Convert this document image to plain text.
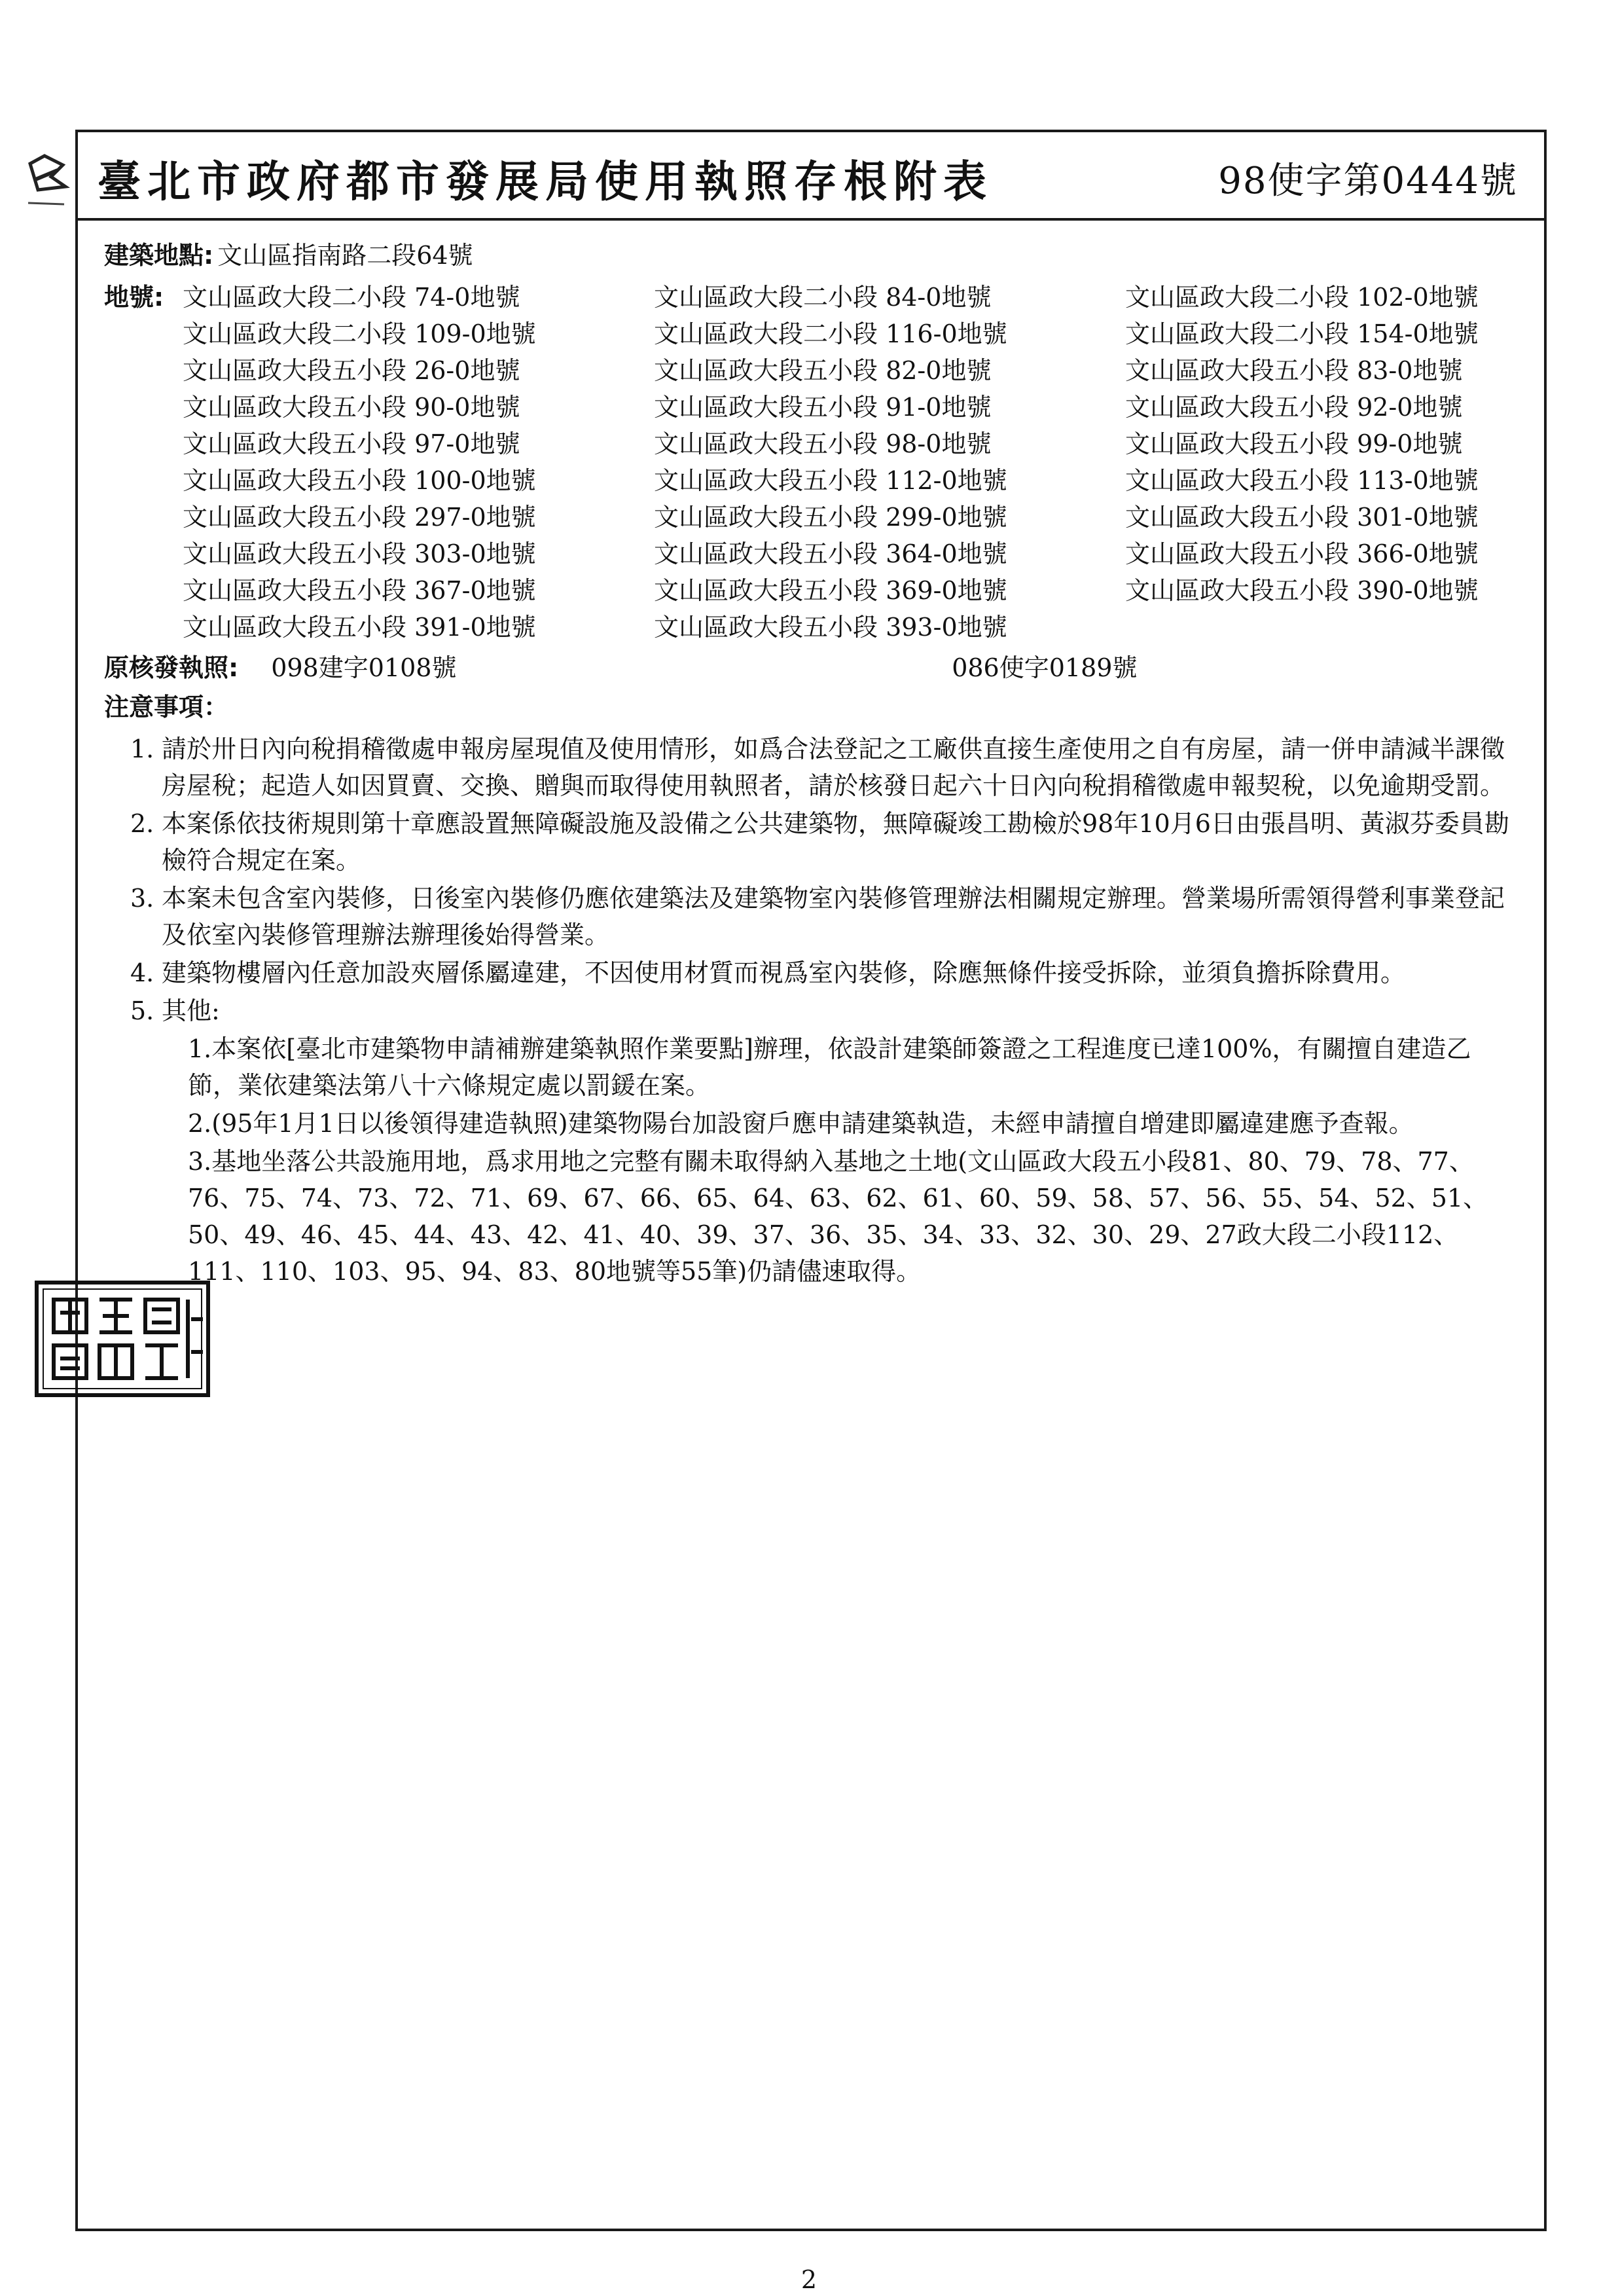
臺北市政府都市發展局使用執照存根附表	98使字第0444號
建築地點: 文山區指南路二段64號
地號: 文山區政大段二小段 74-0地號	文山區政大段二小段 84-0地號	文山區政大段二小段 102-0地號
文山區政大段二小段 109-0地號	文山區政大段二小段 116-0地號	文山區政大段二小段 154-0地號
文山區政大段五小段 26-0地號	文山區政大段五小段 82-0地號	文山區政大段五小段 83-0地號
文山區政大段五小段 90-0地號	文山區政大段五小段 91-0地號	文山區政大段五小段 92-0地號
文山區政大段五小段 97-0地號	文山區政大段五小段 98-0地號	文山區政大段五小段 99-0地號
文山區政大段五小段 100-0地號	文山區政大段五小段 112-0地號	文山區政大段五小段 113-0地號
文山區政大段五小段 297-0地號	文山區政大段五小段 299-0地號	文山區政大段五小段 301-0地號
文山區政大段五小段 303-0地號	文山區政大段五小段 364-0地號	文山區政大段五小段 366-0地號
文山區政大段五小段 367-0地號	文山區政大段五小段 369-0地號	文山區政大段五小段 390-0地號
文山區政大段五小段 391-0地號	文山區政大段五小段 393-0地號
原核發執照: 098建字0108號	086使字0189號
注意事項：
1. 請於卅日內向稅捐稽徵處申報房屋現值及使用情形，如爲合法登記之工廠供直接生產使用之自有房屋，請一併申請減半課徵房屋稅；起造人如因買賣、交換、贈與而取得使用執照者，請於核發日起六十日內向稅捐稽徵處申報契稅，以免逾期受罰。
2. 本案係依技術規則第十章應設置無障礙設施及設備之公共建築物，無障礙竣工勘檢於98年10月6日由張昌明、黃淑芬委員勘檢符合規定在案。
3. 本案未包含室內裝修，日後室內裝修仍應依建築法及建築物室內裝修管理辦法相關規定辦理。營業場所需領得營利事業登記及依室內裝修管理辦法辦理後始得營業。
4. 建築物樓層內任意加設夾層係屬違建，不因使用材質而視爲室內裝修，除應無條件接受拆除，並須負擔拆除費用。
5. 其他:
1.本案依[臺北市建築物申請補辦建築執照作業要點]辦理，依設計建築師簽證之工程進度已達100%，有關擅自建造乙節，業依建築法第八十六條規定處以罰鍰在案。
2.(95年1月1日以後領得建造執照)建築物陽台加設窗戶應申請建築執造，未經申請擅自增建即屬違建應予查報。
3.基地坐落公共設施用地，爲求用地之完整有關未取得納入基地之土地(文山區政大段五小段81、80、79、78、77、76、75、74、73、72、71、69、67、66、65、64、63、62、61、60、59、58、57、56、55、54、52、51、50、49、46、45、44、43、42、41、40、39、37、36、35、34、33、32、30、29、27政大段二小段112、111、110、103、95、94、83、80地號等55筆)仍請儘速取得。
2
